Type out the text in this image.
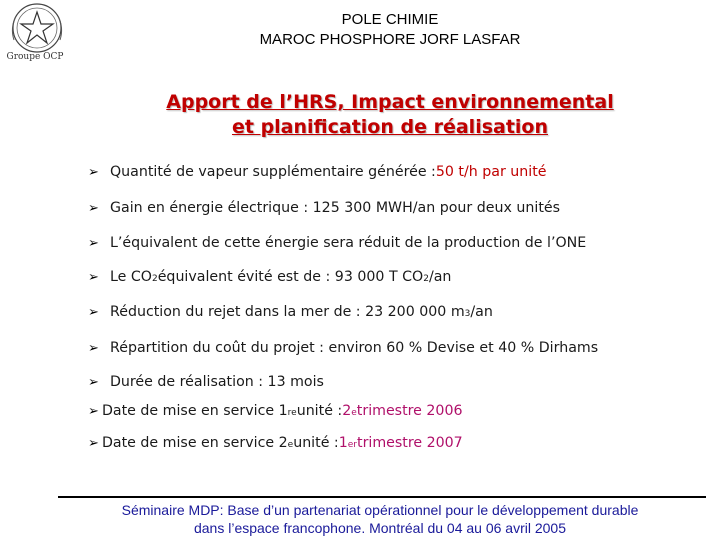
Groupe OCP
POLE CHIMIE
MAROC PHOSPHORE JORF LASFAR
Apport de l’HRS, Impact environnemental
et planification de réalisation
➢ Quantité de vapeur supplémentaire générée : 50 t/h par unité
➢ Gain en énergie électrique : 125 300 MWH/an pour deux unités
➢ L’équivalent de cette énergie sera réduit de la production de l’ONE
➢ Le CO 2 équivalent évité est de : 93 000 T CO 2 /an
➢ Réduction du rejet dans la mer de : 23 200 000 m 3 /an
➢ Répartition du coût du projet : environ 60 % Devise et 40 % Dirhams
➢ Durée de réalisation : 13 mois
➢ Date de mise en service 1 re unité : 2 e trimestre 2006
➢ Date de mise en service 2 e unité : 1 er trimestre 2007
Séminaire MDP: Base d’un partenariat opérationnel pour le développement durable
dans l’espace francophone. Montréal du 04 au 06 avril 2005
